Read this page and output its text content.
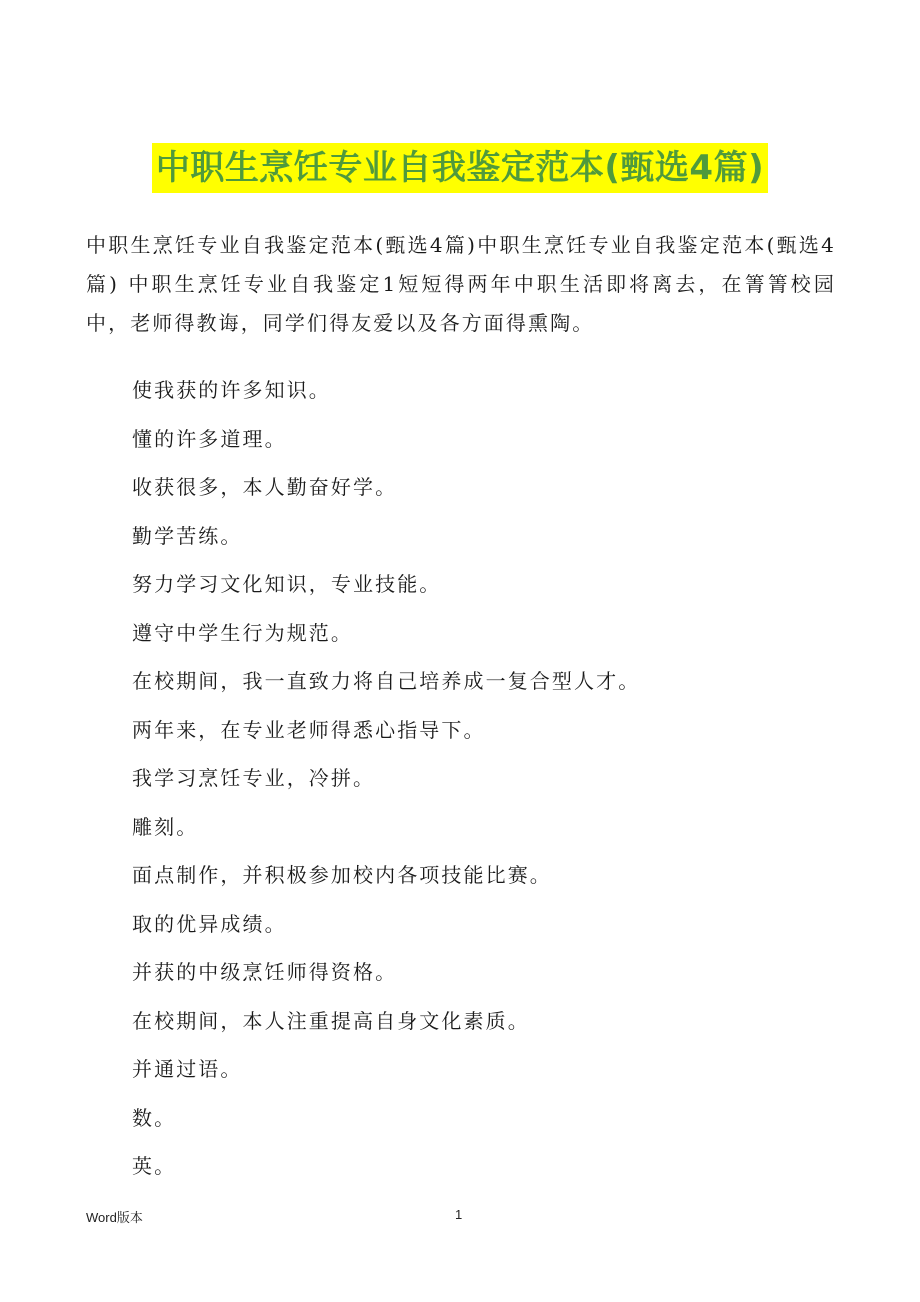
中职生烹饪专业自我鉴定范本(甄选4篇)

中职生烹饪专业自我鉴定范本(甄选4篇)中职生烹饪专业自我鉴定范本(甄选4篇) 中职生烹饪专业自我鉴定1短短得两年中职生活即将离去，在箐箐校园中，老师得教诲，同学们得友爱以及各方面得熏陶。

使我获的许多知识。
懂的许多道理。
收获很多，本人勤奋好学。
勤学苦练。
努力学习文化知识，专业技能。
遵守中学生行为规范。
在校期间，我一直致力将自己培养成一复合型人才。
两年来，在专业老师得悉心指导下。
我学习烹饪专业，冷拼。
雕刻。
面点制作，并积极参加校内各项技能比赛。
取的优异成绩。
并获的中级烹饪师得资格。
在校期间，本人注重提高自身文化素质。
并通过语。
数。
英。
Word版本	1
